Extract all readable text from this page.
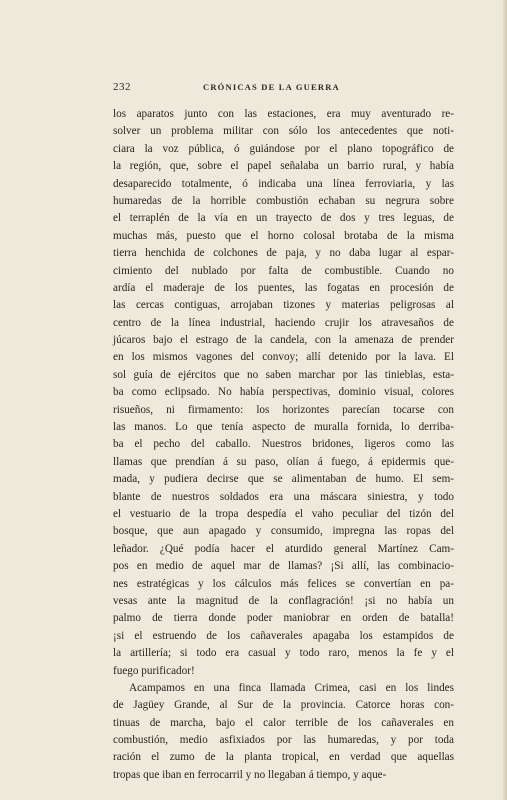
232	CRÓNICAS DE LA GUERRA
los aparatos junto con las estaciones, era muy aventurado re-
solver un problema militar con sólo los antecedentes que noti-
ciara la voz pública, ó guiándose por el plano topográfico de
la región, que, sobre el papel señalaba un barrio rural, y había
desaparecido totalmente, ó indicaba una línea ferroviaria, y las
humaredas de la horrible combustión echaban su negrura sobre
el terraplén de la vía en un trayecto de dos y tres leguas, de
muchas más, puesto que el horno colosal brotaba de la misma
tierra henchida de colchones de paja, y no daba lugar al espar-
cimiento del nublado por falta de combustible. Cuando no
ardía el maderaje de los puentes, las fogatas en procesión de
las cercas contiguas, arrojaban tizones y materias peligrosas al
centro de la línea industrial, haciendo crujir los atravesaños de
júcaros bajo el estrago de la candela, con la amenaza de prender
en los mismos vagones del convoy; allí detenido por la lava. El
sol guía de ejércitos que no saben marchar por las tinieblas, esta-
ba como eclipsado. No había perspectivas, dominio visual, colores
risueños, ni firmamento: los horizontes parecían tocarse con
las manos. Lo que tenía aspecto de muralla fornida, lo derriba-
ba el pecho del caballo. Nuestros bridones, ligeros como las
llamas que prendían á su paso, olían á fuego, á epidermis que-
mada, y pudiera decirse que se alimentaban de humo. El sem-
blante de nuestros soldados era una máscara siniestra, y todo
el vestuario de la tropa despedía el vaho peculiar del tizón del
bosque, que aun apagado y consumido, impregna las ropas del
leñador. ¿Qué podía hacer el aturdido general Martínez Cam-
pos en medio de aquel mar de llamas? ¡Si allí, las combinacio-
nes estratégicas y los cálculos más felices se convertían en pa-
vesas ante la magnitud de la conflagración! ¡si no había un
palmo de tierra donde poder maniobrar en orden de batalla!
¡si el estruendo de los cañaverales apagaba los estampidos de
la artillería; si todo era casual y todo raro, menos la fe y el
fuego purificador!
Acampamos en una finca llamada Crimea, casi en los lindes
de Jagüey Grande, al Sur de la provincia. Catorce horas con-
tinuas de marcha, bajo el calor terrible de los cañaverales en
combustión, medio asfixiados por las humaredas, y por toda
ración el zumo de la planta tropical, en verdad que aquellas
tropas que iban en ferrocarril y no llegaban á tiempo, y aque-
